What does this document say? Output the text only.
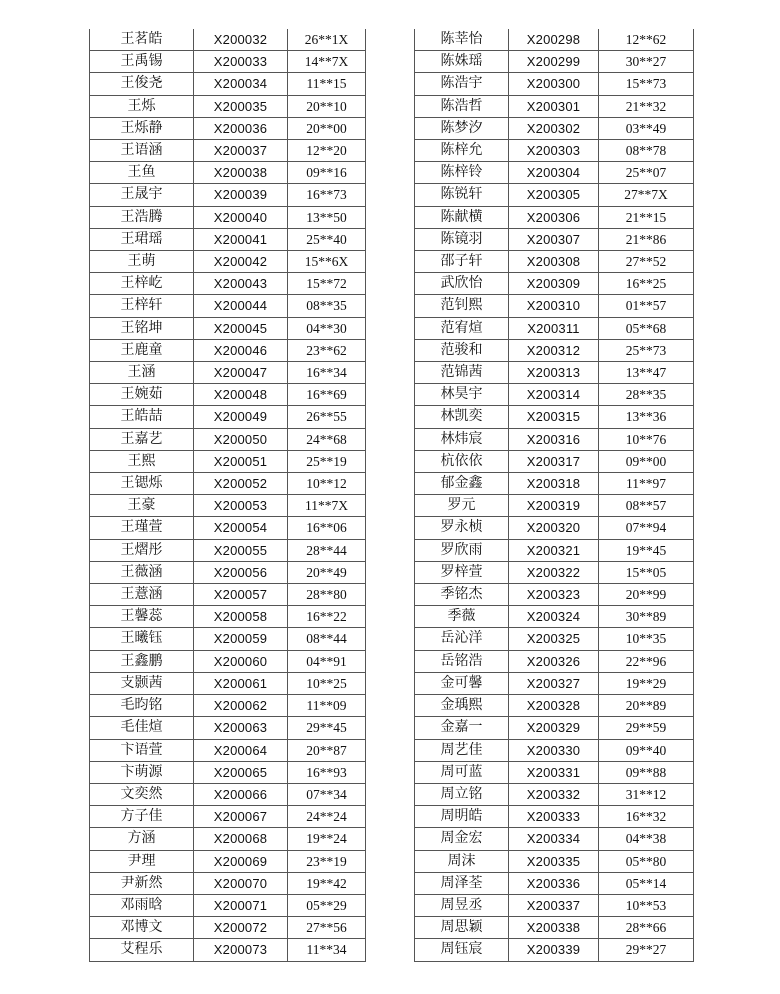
王茗皓	X200032	26**1X
王禹锡	X200033	14**7X
王俊尧	X200034	11**15
王烁	X200035	20**10
王烁静	X200036	20**00
王语涵	X200037	12**20
王鱼	X200038	09**16
王晟宇	X200039	16**73
王浩腾	X200040	13**50
王珺瑶	X200041	25**40
王萌	X200042	15**6X
王梓屹	X200043	15**72
王梓轩	X200044	08**35
王铭坤	X200045	04**30
王鹿童	X200046	23**62
王涵	X200047	16**34
王婉茹	X200048	16**69
王皓喆	X200049	26**55
王嘉艺	X200050	24**68
王熙	X200051	25**19
王锶烁	X200052	10**12
王豪	X200053	11**7X
王瑾萱	X200054	16**06
王熠彤	X200055	28**44
王薇涵	X200056	20**49
王薏涵	X200057	28**80
王馨蕊	X200058	16**22
王曦钰	X200059	08**44
王鑫鹏	X200060	04**91
支颢茜	X200061	10**25
毛昀铭	X200062	11**09
毛佳煊	X200063	29**45
卞语萱	X200064	20**87
卞萌源	X200065	16**93
文奕然	X200066	07**34
方子佳	X200067	24**24
方涵	X200068	19**24
尹理	X200069	23**19
尹新然	X200070	19**42
邓雨晗	X200071	05**29
邓博文	X200072	27**56
艾程乐	X200073	11**34
陈莘怡	X200298	12**62
陈姝瑶	X200299	30**27
陈浩宇	X200300	15**73
陈浩哲	X200301	21**32
陈梦汐	X200302	03**49
陈梓允	X200303	08**78
陈梓铃	X200304	25**07
陈锐轩	X200305	27**7X
陈献横	X200306	21**15
陈镜羽	X200307	21**86
邵子轩	X200308	27**52
武欣怡	X200309	16**25
范钊熙	X200310	01**57
范宥煊	X200311	05**68
范骏和	X200312	25**73
范锦茜	X200313	13**47
林昊宇	X200314	28**35
林凯奕	X200315	13**36
林炜宸	X200316	10**76
杭依依	X200317	09**00
郁金鑫	X200318	11**97
罗元	X200319	08**57
罗永桢	X200320	07**94
罗欣雨	X200321	19**45
罗梓萱	X200322	15**05
季铭杰	X200323	20**99
季薇	X200324	30**89
岳沁洋	X200325	10**35
岳铭浩	X200326	22**96
金可馨	X200327	19**29
金瑀熙	X200328	20**89
金嘉一	X200329	29**59
周艺佳	X200330	09**40
周可蓝	X200331	09**88
周立铭	X200332	31**12
周明皓	X200333	16**32
周金宏	X200334	04**38
周沫	X200335	05**80
周泽荃	X200336	05**14
周昱丞	X200337	10**53
周思颖	X200338	28**66
周钰宸	X200339	29**27
